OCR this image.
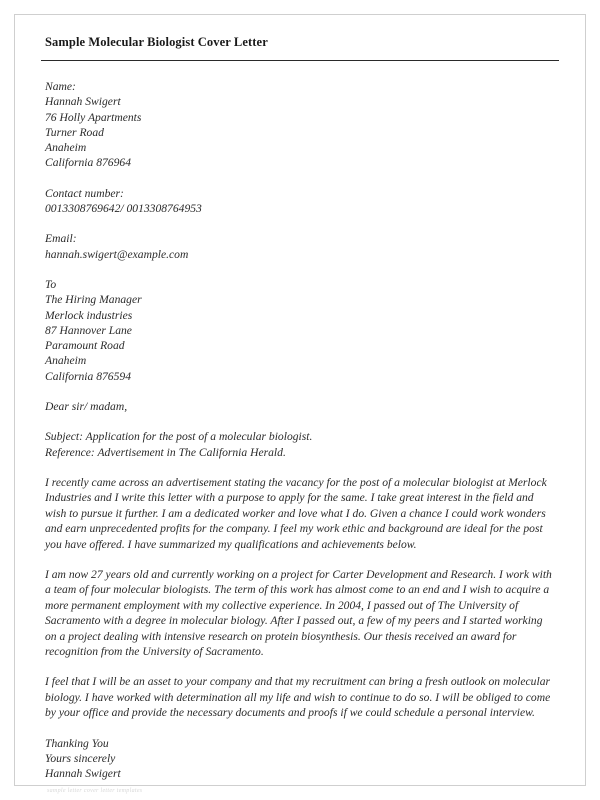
Sample Molecular Biologist Cover Letter
Name:
Hannah Swigert
76 Holly Apartments
Turner Road
Anaheim
California 876964
Contact number:
0013308769642/ 0013308764953
Email:
hannah.swigert@example.com
To
The Hiring Manager
Merlock industries
87 Hannover Lane
Paramount Road
Anaheim
California 876594
Dear sir/ madam,
Subject: Application for the post of a molecular biologist.
Reference: Advertisement in The California Herald.
I recently came across an advertisement stating the vacancy for the post of a molecular biologist at Merlock Industries and I write this letter with a purpose to apply for the same. I take great interest in the field and wish to pursue it further. I am a dedicated worker and love what I do. Given a chance I could work wonders and earn unprecedented profits for the company. I feel my work ethic and background are ideal for the post you have offered. I have summarized my qualifications and achievements below.
I am now 27 years old and currently working on a project for Carter Development and Research. I work with a team of four molecular biologists. The term of this work has almost come to an end and I wish to acquire a more permanent employment with my collective experience. In 2004, I passed out of The University of Sacramento with a degree in molecular biology. After I passed out, a few of my peers and I started working on a project dealing with intensive research on protein biosynthesis. Our thesis received an award for recognition from the University of Sacramento.
I feel that I will be an asset to your company and that my recruitment can bring a fresh outlook on molecular biology. I have worked with determination all my life and wish to continue to do so. I will be obliged to come by your office and provide the necessary documents and proofs if we could schedule a personal interview.
Thanking You
Yours sincerely
Hannah Swigert
sample letter cover letter templates
